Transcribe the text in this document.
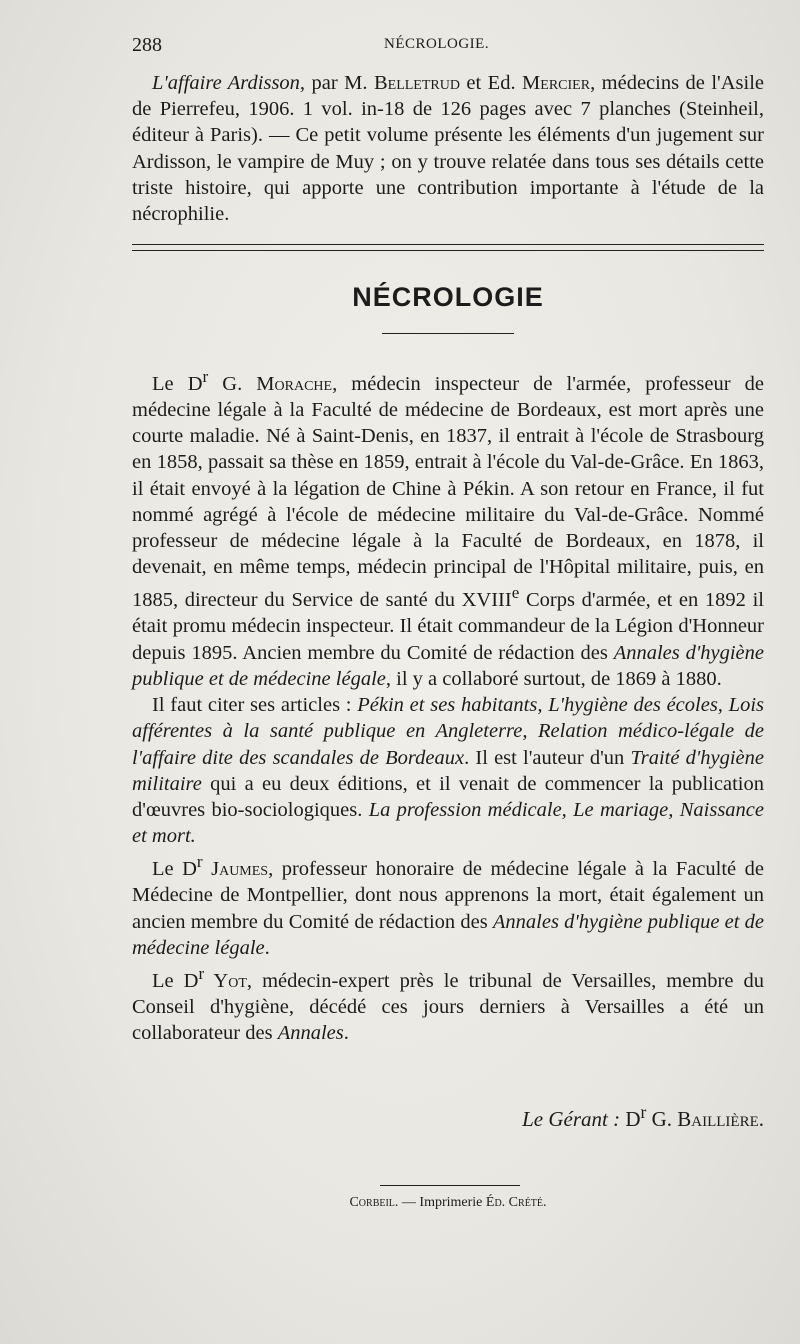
288	NÉCROLOGIE.

L'affaire Ardisson, par M. Belletrud et Ed. Mercier, médecins de l'Asile de Pierrefeu, 1906. 1 vol. in-18 de 126 pages avec 7 planches (Steinheil, éditeur à Paris). — Ce petit volume présente les éléments d'un jugement sur Ardisson, le vampire de Muy ; on y trouve relatée dans tous ses détails cette triste histoire, qui apporte une contribution importante à l'étude de la nécrophilie.

NÉCROLOGIE

Le $D^r$ G. Morache, médecin inspecteur de l'armée, professeur de médecine légale à la Faculté de médecine de Bordeaux, est mort après une courte maladie. Né à Saint-Denis, en 1837, il entrait à l'école de Strasbourg en 1858, passait sa thèse en 1859, entrait à l'école du Val-de-Grâce. En 1863, il était envoyé à la légation de Chine à Pékin. A son retour en France, il fut nommé agrégé à l'école de médecine militaire du Val-de-Grâce. Nommé professeur de médecine légale à la Faculté de Bordeaux, en 1878, il devenait, en même temps, médecin principal de l'Hôpital militaire, puis, en 1885, directeur du Service de santé du XVIIIe Corps d'armée, et en 1892 il était promu médecin inspecteur. Il était commandeur de la Légion d'Honneur depuis 1895. Ancien membre du Comité de rédaction des Annales d'hygiène publique et de médecine légale, il y a collaboré surtout, de 1869 à 1880.

Il faut citer ses articles : Pékin et ses habitants, L'hygiène des écoles, Lois afférentes à la santé publique en Angleterre, Relation médico-légale de l'affaire dite des scandales de Bordeaux. Il est l'auteur d'un Traité d'hygiène militaire qui a eu deux éditions, et il venait de commencer la publication d'œuvres bio-sociologiques. La profession médicale, Le mariage, Naissance et mort.

Le $D^r$ Jaumes, professeur honoraire de médecine légale à la Faculté de Médecine de Montpellier, dont nous apprenons la mort, était également un ancien membre du Comité de rédaction des Annales d'hygiène publique et de médecine légale.

Le $D^r$ Yot, médecin-expert près le tribunal de Versailles, membre du Conseil d'hygiène, décédé ces jours derniers à Versailles a été un collaborateur des Annales.

Le Gérant : $D^r$ G. Baillière.
Corbeil. — Imprimerie Éd. Crété.
